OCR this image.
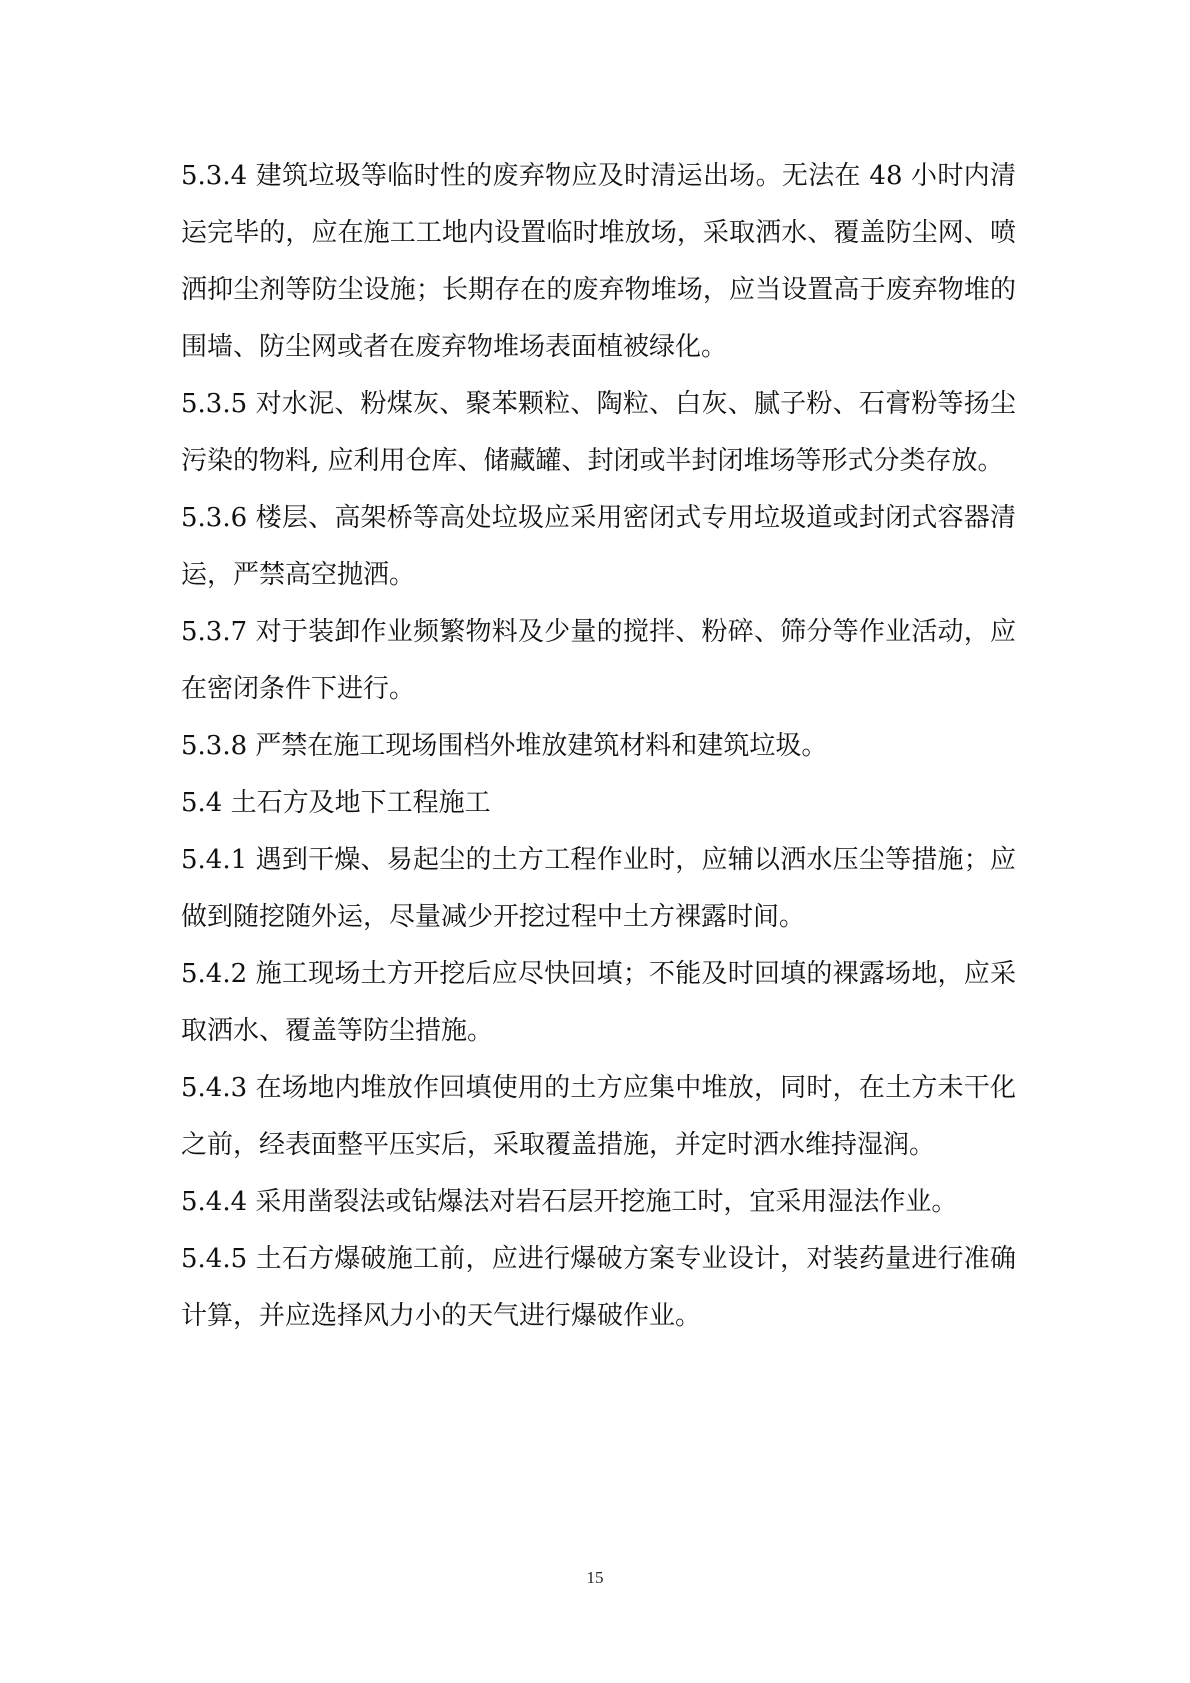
5.3.4 建筑垃圾等临时性的废弃物应及时清运出场。无法在 48 小时内清运完毕的，应在施工工地内设置临时堆放场，采取洒水、覆盖防尘网、喷洒抑尘剂等防尘设施；长期存在的废弃物堆场，应当设置高于废弃物堆的围墙、防尘网或者在废弃物堆场表面植被绿化。

5.3.5 对水泥、粉煤灰、聚苯颗粒、陶粒、白灰、腻子粉、石膏粉等扬尘污染的物料, 应利用仓库、储藏罐、封闭或半封闭堆场等形式分类存放。

5.3.6 楼层、高架桥等高处垃圾应采用密闭式专用垃圾道或封闭式容器清运，严禁高空抛洒。

5.3.7 对于装卸作业频繁物料及少量的搅拌、粉碎、筛分等作业活动，应在密闭条件下进行。

5.3.8 严禁在施工现场围档外堆放建筑材料和建筑垃圾。

5.4 土石方及地下工程施工

5.4.1 遇到干燥、易起尘的土方工程作业时，应辅以洒水压尘等措施；应做到随挖随外运，尽量减少开挖过程中土方裸露时间。

5.4.2 施工现场土方开挖后应尽快回填；不能及时回填的裸露场地，应采取洒水、覆盖等防尘措施。

5.4.3 在场地内堆放作回填使用的土方应集中堆放，同时，在土方未干化之前，经表面整平压实后，采取覆盖措施，并定时洒水维持湿润。

5.4.4 采用凿裂法或钻爆法对岩石层开挖施工时，宜采用湿法作业。

5.4.5 土石方爆破施工前，应进行爆破方案专业设计，对装药量进行准确计算，并应选择风力小的天气进行爆破作业。

15
